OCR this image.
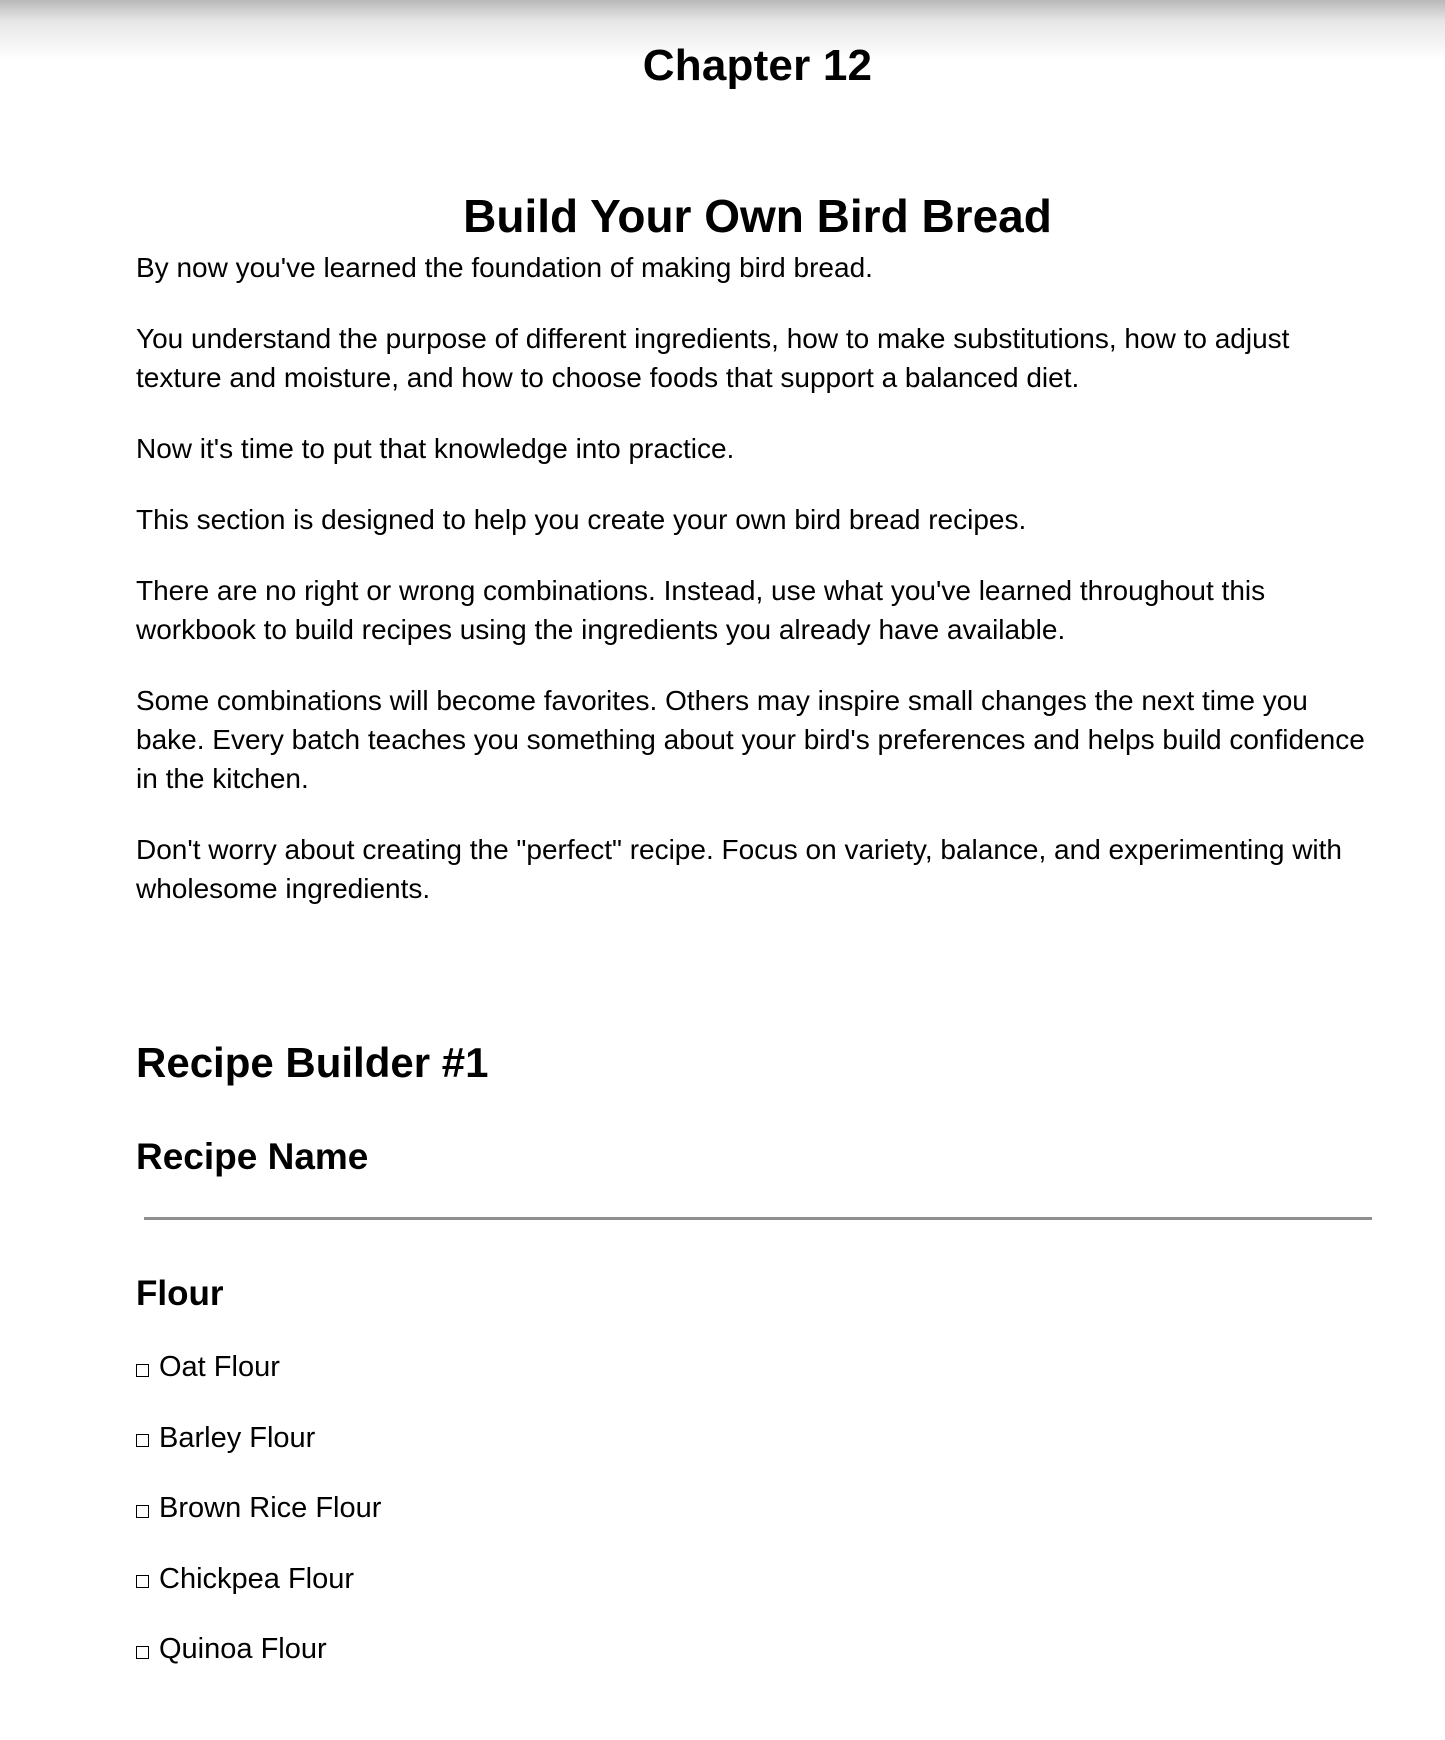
Chapter 12
Build Your Own Bird Bread

By now you've learned the foundation of making bird bread.

You understand the purpose of different ingredients, how to make substitutions, how to adjust texture and moisture, and how to choose foods that support a balanced diet.

Now it's time to put that knowledge into practice.

This section is designed to help you create your own bird bread recipes.

There are no right or wrong combinations. Instead, use what you've learned throughout this workbook to build recipes using the ingredients you already have available.

Some combinations will become favorites. Others may inspire small changes the next time you bake. Every batch teaches you something about your bird's preferences and helps build confidence in the kitchen.

Don't worry about creating the "perfect" recipe. Focus on variety, balance, and experimenting with wholesome ingredients.

Recipe Builder #1
Recipe Name
Flour
Oat Flour
Barley Flour
Brown Rice Flour
Chickpea Flour
Quinoa Flour
